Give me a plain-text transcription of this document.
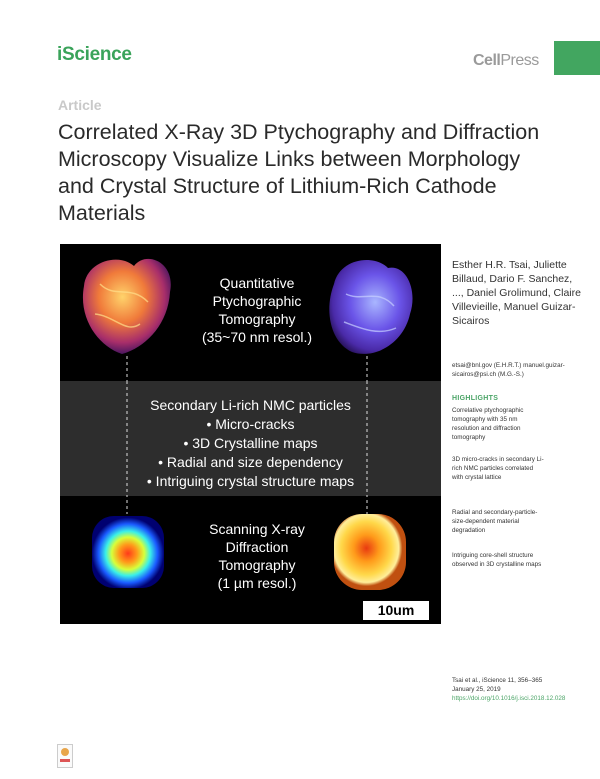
iScience	CellPress
Article
Correlated X-Ray 3D Ptychography and Diffraction Microscopy Visualize Links between Morphology and Crystal Structure of Lithium-Rich Cathode Materials
Quantitative
Ptychographic
Tomography
(35~70 nm resol.)
Secondary Li-rich NMC particles
• Micro-cracks
• 3D Crystalline maps
• Radial and size dependency
• Intriguing crystal structure maps
Scanning X-ray
Diffraction
Tomography
(1 µm resol.)
10um
Esther H.R. Tsai, Juliette Billaud, Dario F. Sanchez, ..., Daniel Grolimund, Claire Villevieille, Manuel Guizar-Sicairos
etsai@bnl.gov (E.H.R.T.) manuel.guizar-sicairos@psi.ch (M.G.-S.)
HIGHLIGHTS
Correlative ptychographic tomography with 35 nm resolution and diffraction tomography
3D micro-cracks in secondary Li-rich NMC particles correlated with crystal lattice
Radial and secondary-particle-size-dependent material degradation
Intriguing core-shell structure observed in 3D crystalline maps
Tsai et al., iScience 11, 356–365
January 25, 2019
https://doi.org/10.1016/j.isci.2018.12.028
